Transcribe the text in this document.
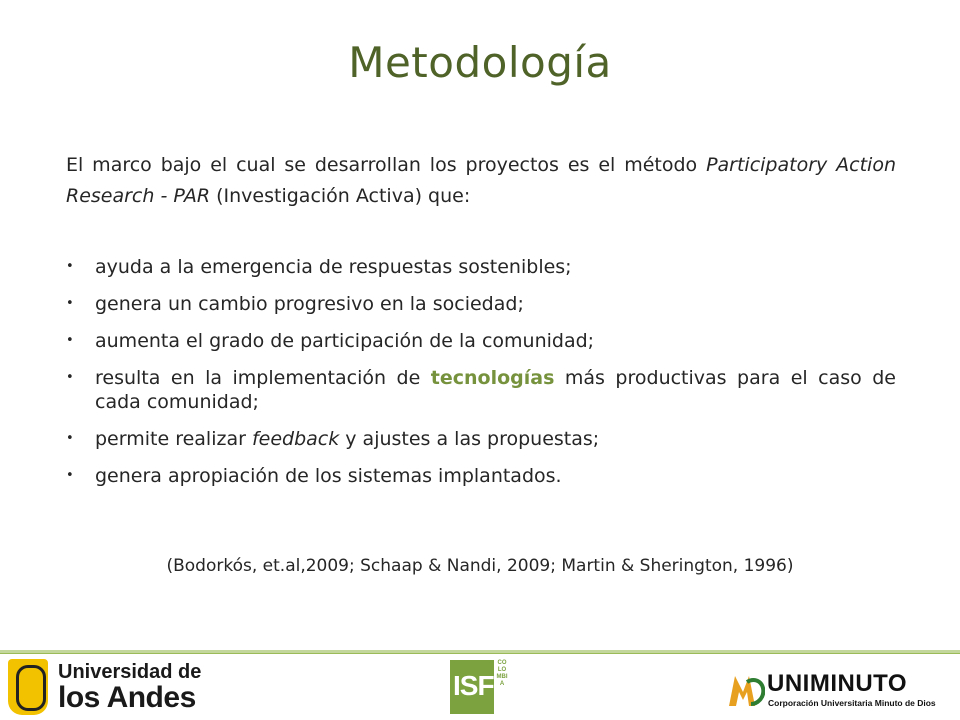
Metodología
El marco bajo el cual se desarrollan los proyectos es el método Participatory Action Research - PAR (Investigación Activa) que:
• ayuda a la emergencia de respuestas sostenibles;
• genera un cambio progresivo en la sociedad;
• aumenta el grado de participación de la comunidad;
• resulta en la implementación de tecnologías más productivas para el caso de cada comunidad;
• permite realizar feedback y ajustes a las propuestas;
• genera apropiación de los sistemas implantados.
(Bodorkós, et.al,2009; Schaap & Nandi, 2009; Martin & Sherington, 1996)
Universidad de
los Andes	ISF
COLOMBIA	UNIMINUTO
Corporación Universitaria Minuto de Dios
